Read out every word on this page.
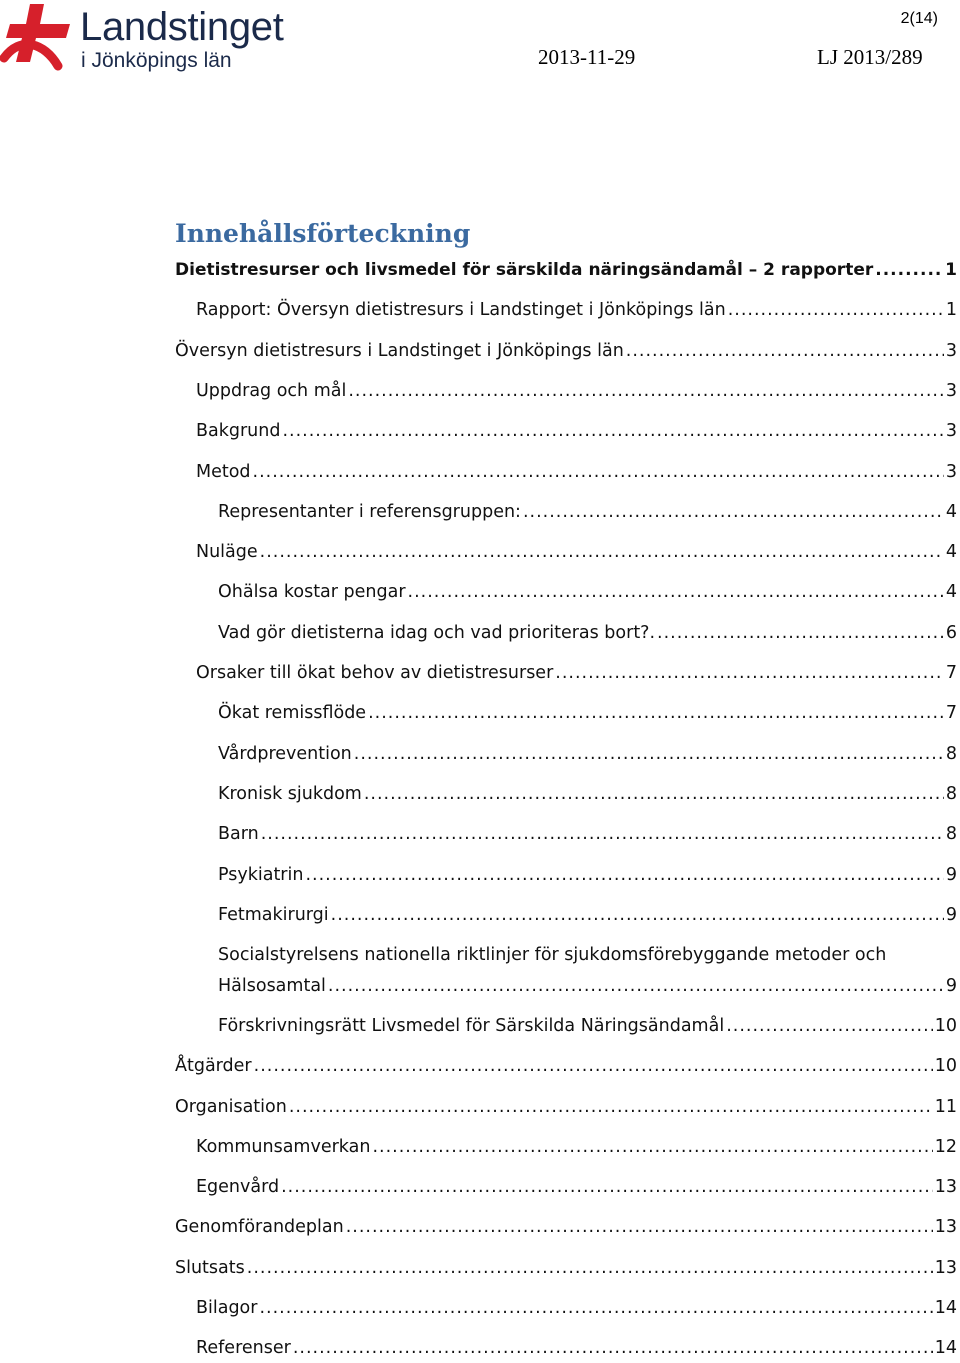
Landstinget
i Jönköpings län
2(14)
2013-11-29	LJ 2013/289
Innehållsförteckning
Dietistresurser och livsmedel för särskilda näringsändamål – 2 rapporter .....	1
Rapport: Översyn dietistresurs i Landstinget i Jönköpings län .....	1
Översyn dietistresurs i Landstinget i Jönköpings län .....	3
Uppdrag och mål .....	3
Bakgrund .....	3
Metod .....	3
Representanter i referensgruppen: .....	4
Nuläge .....	4
Ohälsa kostar pengar .....	4
Vad gör dietisterna idag och vad prioriteras bort?. .....	6
Orsaker till ökat behov av dietistresurser .....	7
Ökat remissflöde .....	7
Vårdprevention .....	8
Kronisk sjukdom .....	8
Barn .....	8
Psykiatrin .....	9
Fetmakirurgi .....	9
Socialstyrelsens nationella riktlinjer för sjukdomsförebyggande metoder och
Hälsosamtal .....	9
Förskrivningsrätt Livsmedel för Särskilda Näringsändamål .....	10
Åtgärder .....	10
Organisation .....	11
Kommunsamverkan .....	12
Egenvård .....	13
Genomförandeplan .....	13
Slutsats .....	13
Bilagor .....	14
Referenser .....	14
